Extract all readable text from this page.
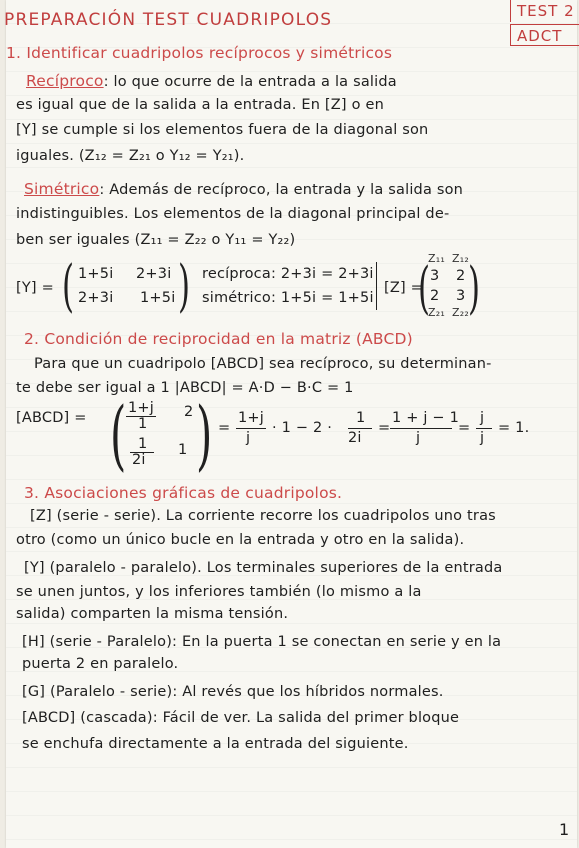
PREPARACIÓN TEST CUADRIPOLOS	TEST 2
ADCT
1. Identificar cuadripolos recíprocos y simétricos
Recíproco: lo que ocurre de la entrada a la salida
es igual que de la salida a la entrada. En [Z] o en
[Y] se cumple si los elementos fuera de la diagonal son
iguales. (Z₁₂ = Z₂₁ o Y₁₂ = Y₂₁).
Simétrico: Además de recíproco, la entrada y la salida son
indistinguibles. Los elementos de la diagonal principal de-
ben ser iguales (Z₁₁ = Z₂₂ o Y₁₁ = Y₂₂)
[Y] = ( 1+5i 2+3i
2+3i 1+5i ) recíproca: 2+3i = 2+3i
simétrico: 1+5i = 1+5i
[Z] =
Z₁₁ Z₁₂
( 3 2
2 3 )
Z₂₁ Z₂₂
2. Condición de reciprocidad en la matriz (ABCD)
Para que un cuadripolo [ABCD] sea recíproco, su determinan-
te debe ser igual a 1 |ABCD| = A·D − B·C = 1
[ABCD] = ( 1+j
1
2
1
2i
1 ) =
1+j
j
· 1 − 2 ·
1
2i
=
1 + j − 1
j
=
j
j
= 1.
3. Asociaciones gráficas de cuadripolos.
[Z] (serie - serie). La corriente recorre los cuadripolos uno tras
otro (como un único bucle en la entrada y otro en la salida).
[Y] (paralelo - paralelo). Los terminales superiores de la entrada
se unen juntos, y los inferiores también (lo mismo a la
salida) comparten la misma tensión.
[H] (serie - Paralelo): En la puerta 1 se conectan en serie y en la
puerta 2 en paralelo.
[G] (Paralelo - serie): Al revés que los híbridos normales.
[ABCD] (cascada): Fácil de ver. La salida del primer bloque
se enchufa directamente a la entrada del siguiente.
1
